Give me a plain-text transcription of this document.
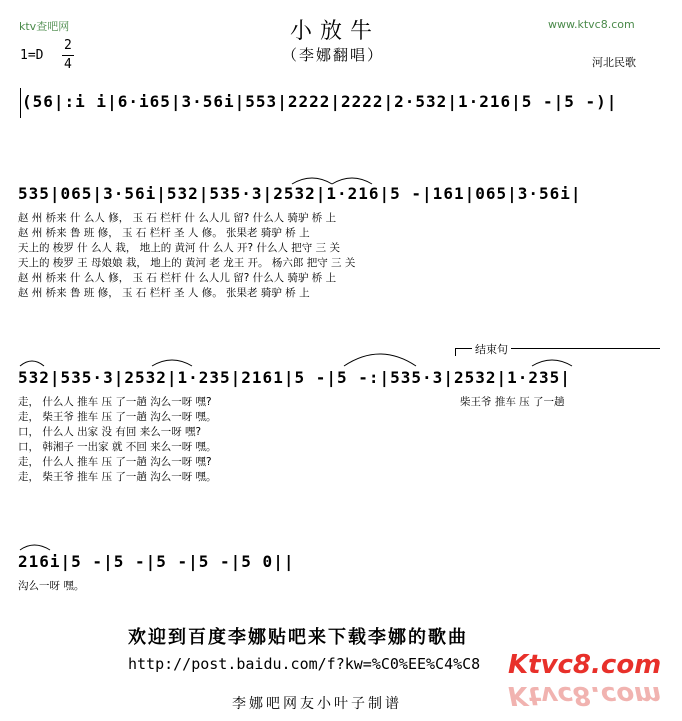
ktv查吧网	www.ktvc8.com
小放牛
（李娜翻唱）
1=D
2
4	河北民歌
(56|:i i|6·i65|3·56i|553|2222|2222|2·532|1·216|5 -|5 -)|
535|065|3·56i|532|535·3|2532|1·216|5 -|161|065|3·56i|
赵 州 桥来 什 么人 修， 玉 石 栏杆 什 么人儿 留? 什么人 骑驴 桥 上
赵 州 桥来 鲁 班 修， 玉 石 栏杆 圣 人 修。 张果老 骑驴 桥 上
天上的 梭罗 什 么人 栽， 地上的 黄河 什 么人 开? 什么人 把守 三 关
天上的 梭罗 王 母娘娘 栽， 地上的 黄河 老 龙王 开。 杨六郎 把守 三 关
赵 州 桥来 什 么人 修， 玉 石 栏杆 什 么人儿 留? 什么人 骑驴 桥 上
赵 州 桥来 鲁 班 修， 玉 石 栏杆 圣 人 修。 张果老 骑驴 桥 上
结束句
532|535·3|2532|1·235|2161|5 -|5 -:|535·3|2532|1·235|
走， 什么人 推车 压 了一趟 沟么一呀 嘿?
走， 柴王爷 推车 压 了一趟 沟么一呀 嘿。
口， 什么人 出家 没 有回 来么一呀 嘿?
口， 韩湘子 一出家 就 不回 来么一呀 嘿。
走， 什么人 推车 压 了一趟 沟么一呀 嘿?
走， 柴王爷 推车 压 了一趟 沟么一呀 嘿。
柴王爷 推车 压 了一趟
216i|5 -|5 -|5 -|5 -|5 0||
沟么一呀 嘿。
欢迎到百度李娜贴吧来下载李娜的歌曲
http://post.baidu.com/f?kw=%C0%EE%C4%C8 Ktvc8.com
Ktvc8.com
李娜吧网友小叶子制谱
